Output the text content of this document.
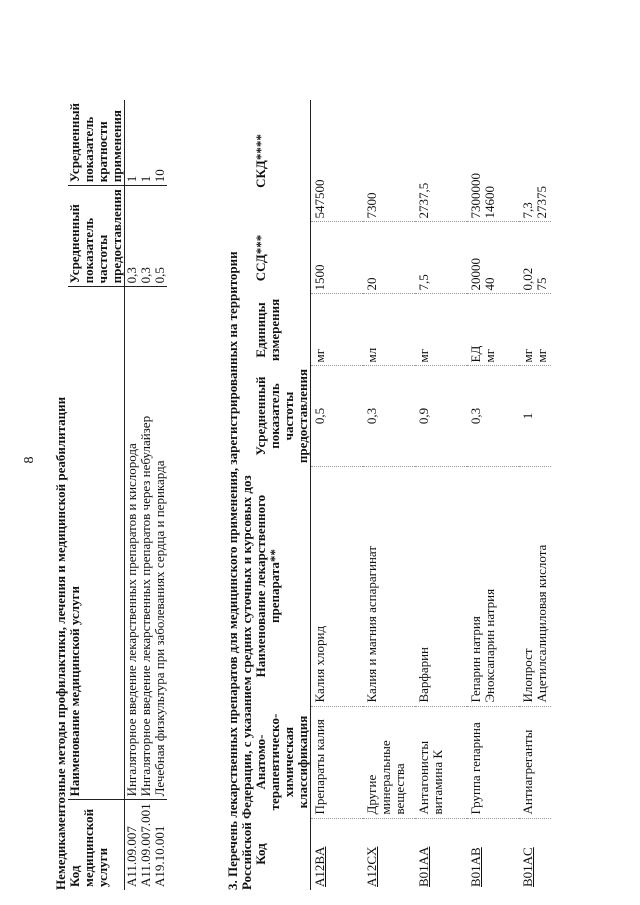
8 Немедикаментозные методы профилактики, лечения и медицинской реабилитации Код медицинской услуги	Наименование медицинской услуги	Усредненный показатель частоты предоставления	Усредненный показатель кратности применения
A11.09.007	Ингаляторное введение лекарственных препаратов и кислорода	0,3	1
A11.09.007.001	Ингаляторное введение лекарственных препаратов через небулайзер	0,3	1
A19.10.001	Лечебная физкультура при заболеваниях сердца и перикарда	0,5	10
3. Перечень лекарственных препаратов для медицинского применения, зарегистрированных на территории Российской Федерации, с указанием средних суточных и курсовых доз Код	Анатомо-терапевтическо-химическая классификация	Наименование лекарственного препарата**	Усредненный показатель частоты предоставления	Единицы измерения	ССД***	СКД****
A12BA	Препараты калия	Калия хлорид	0,5	мг	1500	547500
A12CX	Другие минеральные вещества	Калия и магния аспарагинат	0,3	мл	20	7300
B01AA	Антагонисты витамина К	Варфарин	0,9	мг	7,5	2737,5
B01AB	Группа гепарина	Гепарин натрия Эноксапарин натрия	0,3	ЕД мг	20000 40	7300000 14600

B01AC	Антиагреганты	Илопрост Ацетилсалициловая кислота	1	мг мг	0,02 75	7,3 27375
